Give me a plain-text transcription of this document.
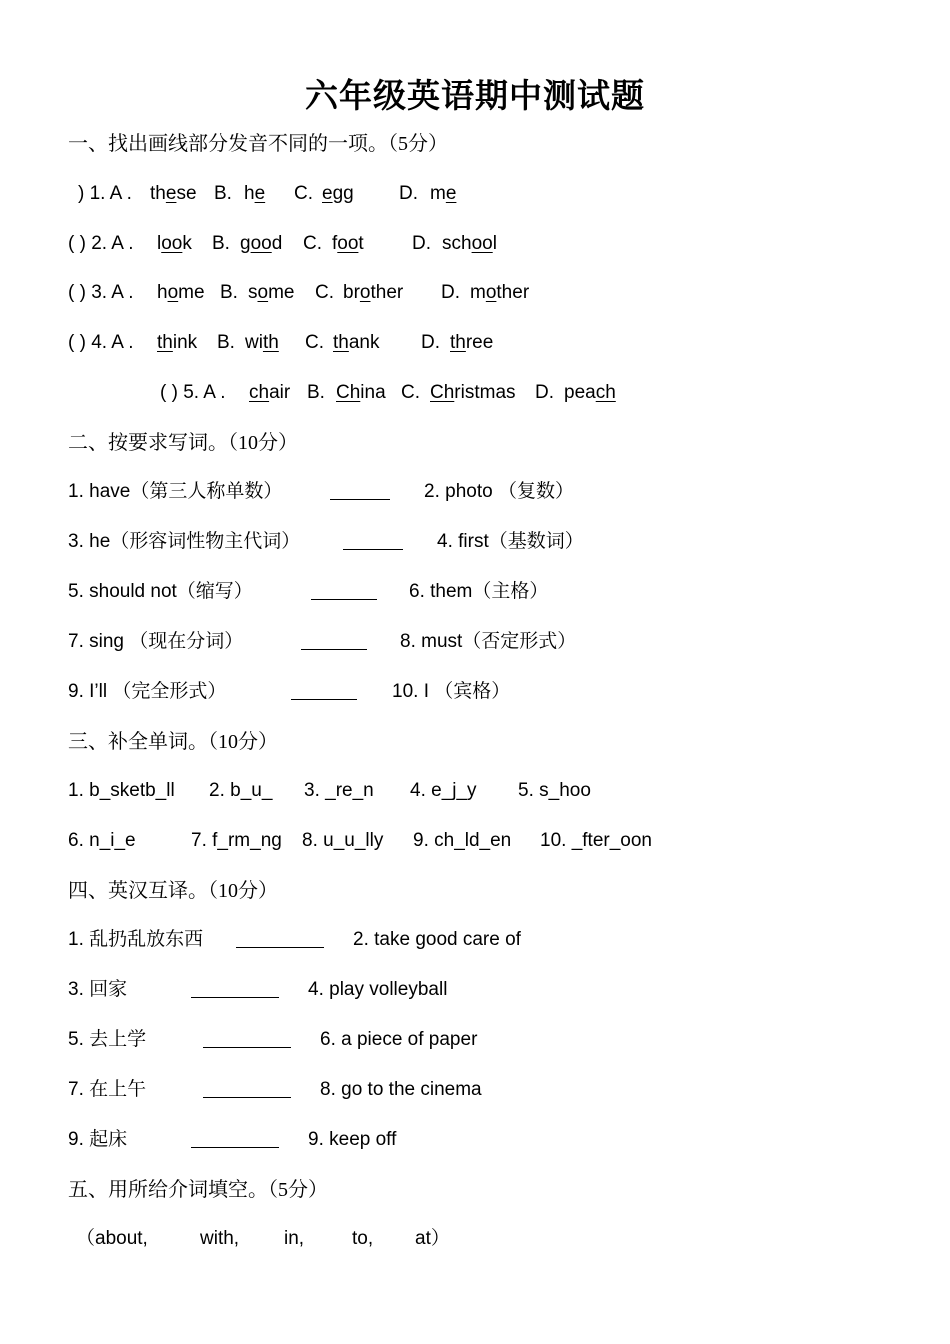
六年级英语期中测试题
一、找出画线部分发音不同的一项。（5分）
) 1. A . these B. he C. egg D. me
( ) 2. A . look B. good C. foot	D. school
( ) 3. A . home B. some C. brother D. mother
( ) 4. A . think B. with C. thank D. three
( ) 5. A . chair B. China C. Christmas D. peach
二、按要求写词。（10分）
1. have（第三人称单数）	2. photo （复数）
3. he（形容词性物主代词）	4. first（基数词）
5. should not（缩写）	6. them（主格）
7. sing （现在分词）	8. must（否定形式）
9. I’ll （完全形式）	10. I （宾格）
三、补全单词。（10分）
1. b_sketb_ll 2. b_u_ 3. _re_n 4. e_j_y 5. s_hoo
6. n_i_e	7. f_rm_ng 8. u_u_lly 9. ch_ld_en 10. _fter_oon
四、英汉互译。（10分）
1. 乱扔乱放东西	2. take good care of
3. 回家	4. play volleyball
5. 去上学	6. a piece of paper
7. 在上午	8. go to the cinema
9. 起床	9. keep off
五、用所给介词填空。（5分）
（about,	with, in,	to, at）
